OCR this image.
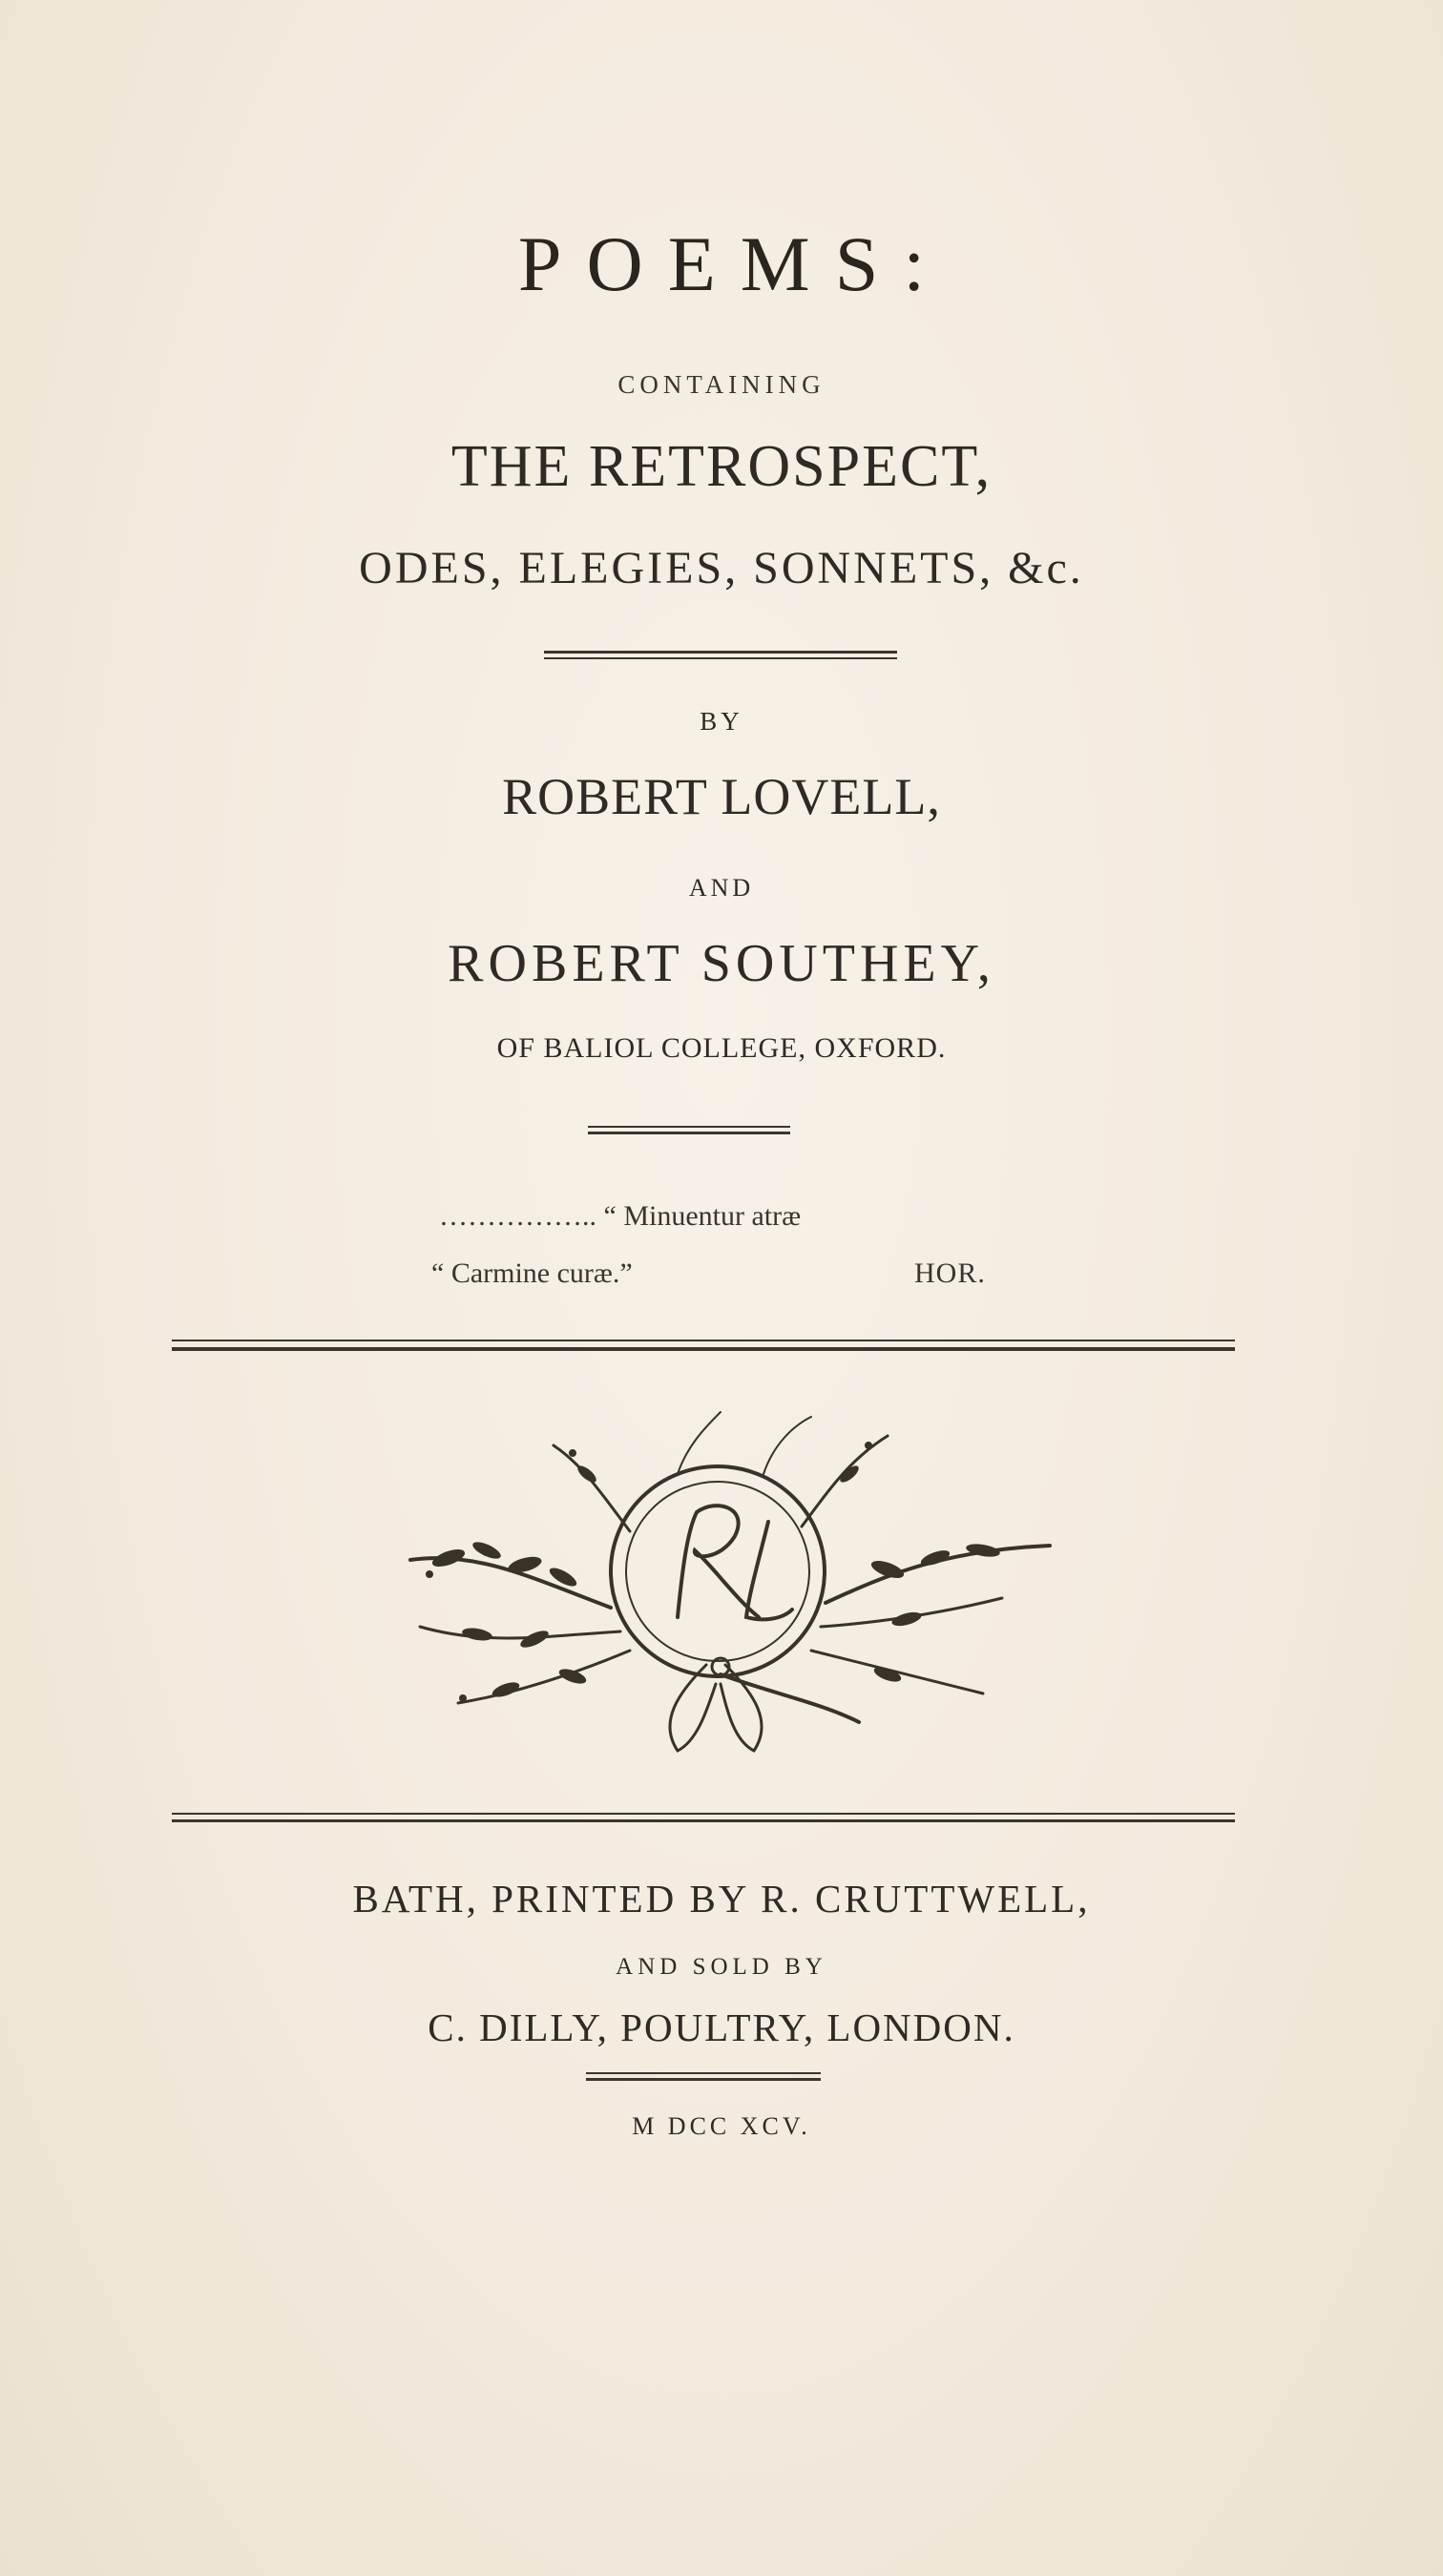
POEMS:
CONTAINING
THE RETROSPECT,
ODES, ELEGIES, SONNETS, &c.
BY
ROBERT LOVELL,
AND
ROBERT SOUTHEY,
OF BALIOL COLLEGE, OXFORD.
…………….. “ Minuentur atræ
“ Carmine curæ.”	HOR.
BATH, PRINTED BY R. CRUTTWELL,
AND SOLD BY
C. DILLY, POULTRY, LONDON.
M DCC XCV.
